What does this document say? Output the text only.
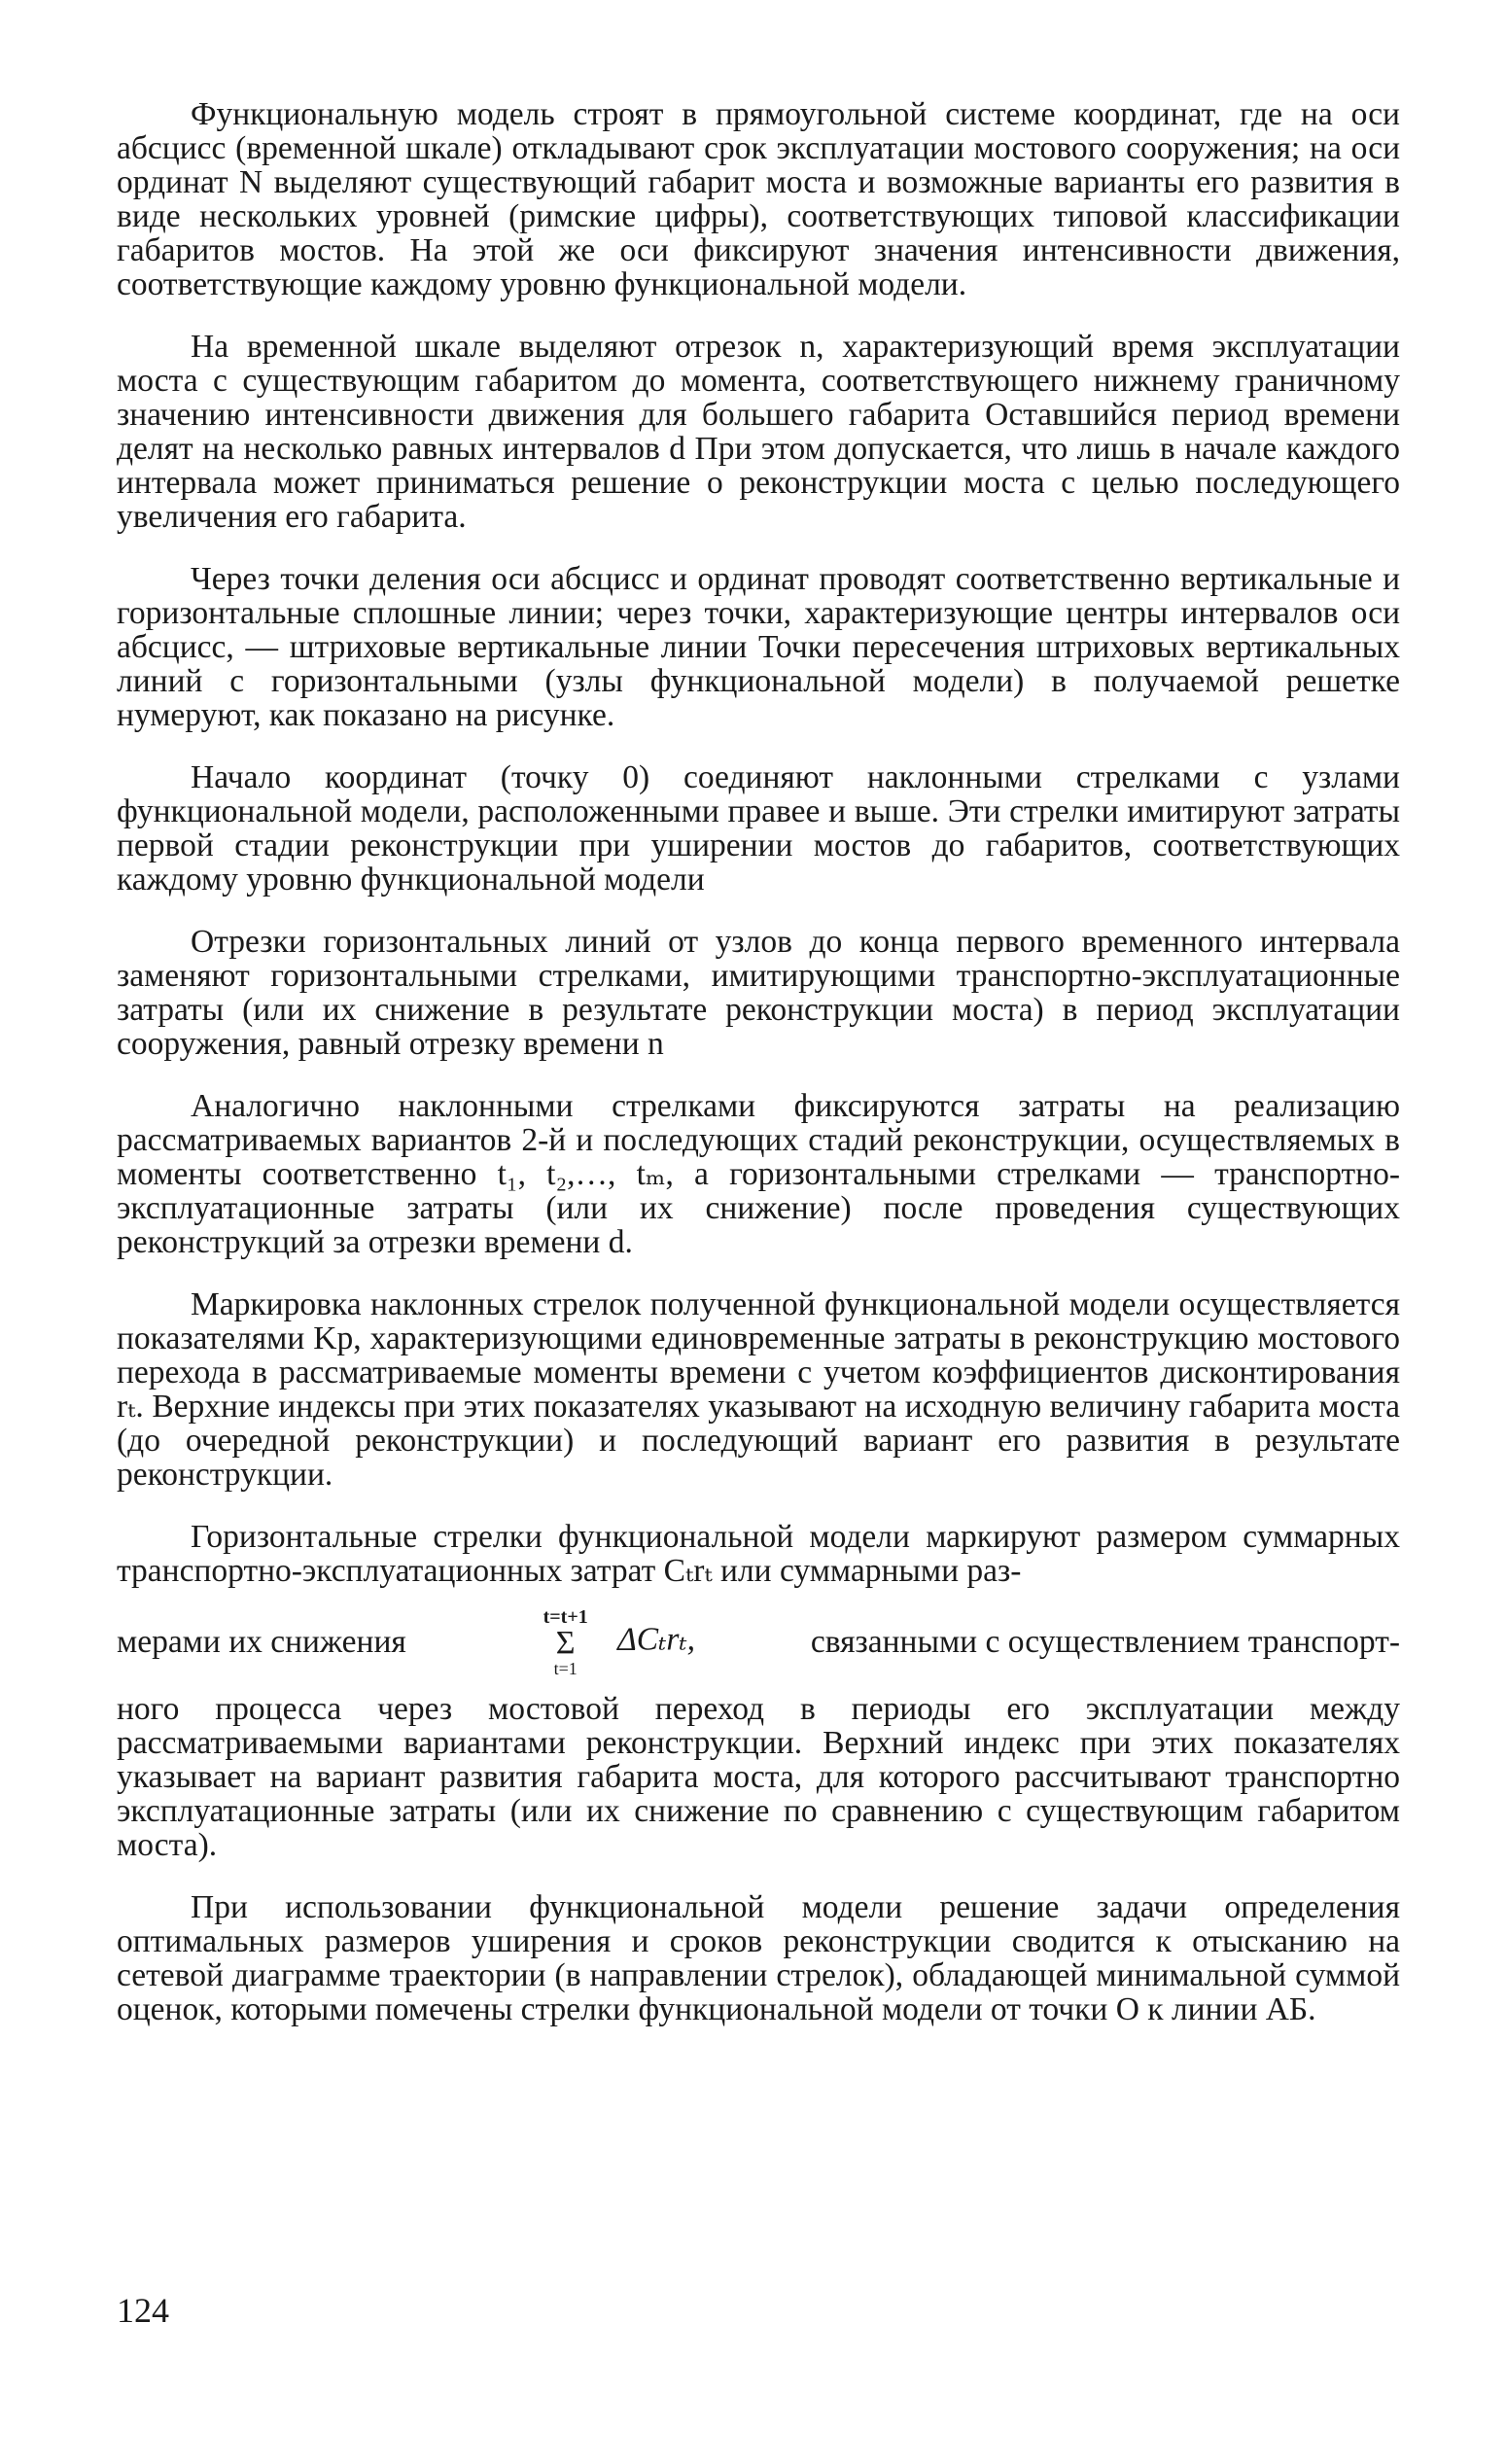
Функциональную модель строят в прямоугольной системе координат, где на оси абсцисс (временной шкале) откладывают срок эксплуатации мостового сооружения; на оси ординат N выделяют существующий габарит моста и возможные варианты его развития в виде нескольких уровней (римские цифры), соответствующих типовой классификации габаритов мостов. На этой же оси фиксируют значения интенсивности движения, соответствующие каждому уровню функциональной модели.

На временной шкале выделяют отрезок n, характеризующий время эксплуатации моста с существующим габаритом до момента, соответствующего нижнему граничному значению интенсивности движения для большего габарита Оставшийся период времени делят на несколько равных интервалов d При этом допускается, что лишь в начале каждого интервала может приниматься решение о реконструкции моста с целью последующего увеличения его габарита.

Через точки деления оси абсцисс и ординат проводят соответственно вертикальные и горизонтальные сплошные линии; через точки, характеризующие центры интервалов оси абсцисс, — штриховые вертикальные линии Точки пересечения штриховых вертикальных линий с горизонтальными (узлы функциональной модели) в получаемой решетке нумеруют, как показано на рисунке.

Начало координат (точку 0) соединяют наклонными стрелками с узлами функциональной модели, расположенными правее и выше. Эти стрелки имитируют затраты первой стадии реконструкции при уширении мостов до габаритов, соответствующих каждому уровню функциональной модели

Отрезки горизонтальных линий от узлов до конца первого временного интервала заменяют горизонтальными стрелками, имитирующими транспортно-эксплуатационные затраты (или их снижение в результате реконструкции моста) в период эксплуатации сооружения, равный отрезку времени n

Аналогично наклонными стрелками фиксируются затраты на реализацию рассматриваемых вариантов 2-й и последующих стадий реконструкции, осуществляемых в моменты соответственно t₁, t₂,…, tₘ, а горизонтальными стрелками — транспортно-эксплуатационные затраты (или их снижение) после проведения существующих реконструкций за отрезки времени d.

Маркировка наклонных стрелок полученной функциональной модели осуществляется показателями Kр, характеризующими единовременные затраты в реконструкцию мостового перехода в рассматриваемые моменты времени с учетом коэффициентов дисконтирования rₜ. Верхние индексы при этих показателях указывают на исходную величину габарита моста (до очередной реконструкции) и последующий вариант его развития в результате реконструкции.

Горизонтальные стрелки функциональной модели маркируют размером суммарных транспортно-эксплуатационных затрат Cₜrₜ или суммарными раз-

мерами их снижения
t=t+1
Σ
t=1
ΔCₜrₜ,	связанными с осуществлением транспорт-

ного процесса через мостовой переход в периоды его эксплуатации между рассматриваемыми вариантами реконструкции. Верхний индекс при этих показателях указывает на вариант развития габарита моста, для которого рассчитывают транспортно эксплуатационные затраты (или их снижение по сравнению с существующим габаритом моста).

При использовании функциональной модели решение задачи определения оптимальных размеров уширения и сроков реконструкции сводится к отысканию на сетевой диаграмме траектории (в направлении стрелок), обладающей минимальной суммой оценок, которыми помечены стрелки функциональной модели от точки O к линии AБ.

124
